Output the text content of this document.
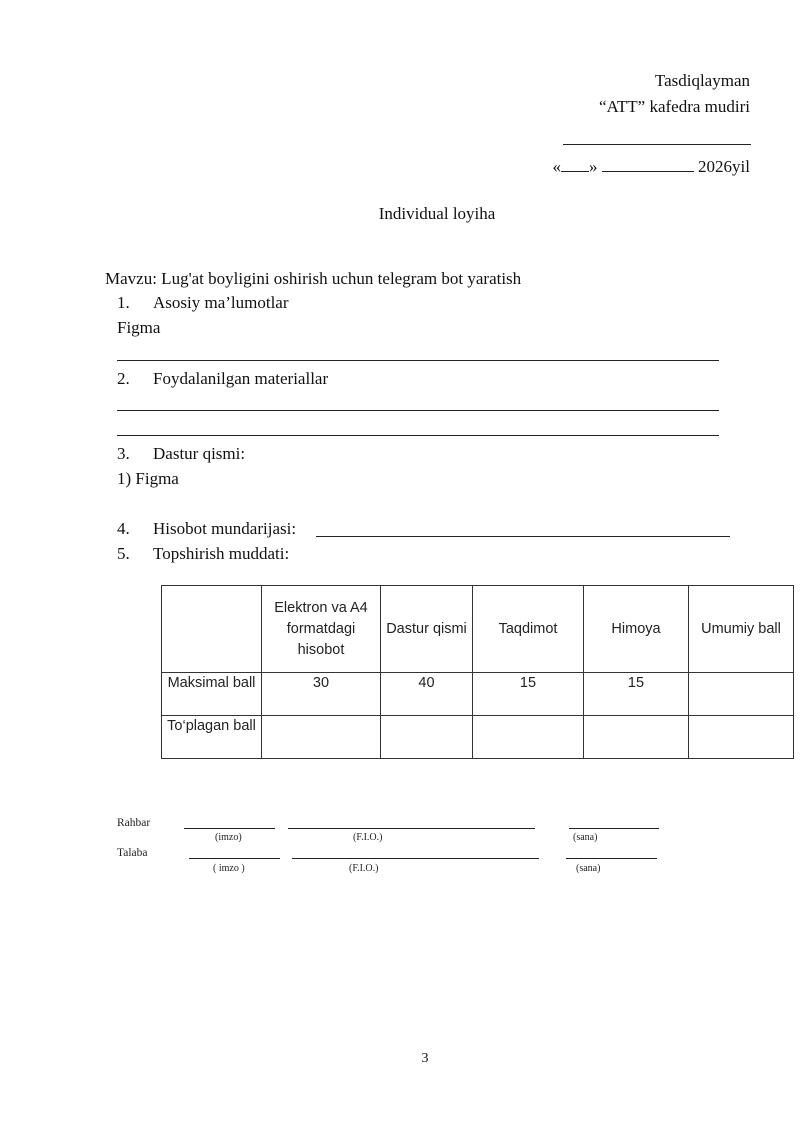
Tasdiqlayman
“ATT” kafedra mudiri
« »	2026yil
Individual loyiha
Mavzu: Lug'at boyligini oshirish uchun telegram bot yaratish
1. Asosiy ma’lumotlar
Figma
2. Foydalanilgan materiallar
3. Dastur qismi:
1) Figma
4. Hisobot mundarijasi:
5. Topshirish muddati:
	Elektron va A4 formatdagi hisobot	Dastur qismi	Taqdimot	Himoya	Umumiy ball
Maksimal ball	30	40	15	15	
To‘plagan ball					
Rahbar
(imzo)	(F.I.O.)	(sana)
Talaba
( imzo )	(F.I.O.)	(sana)
3
